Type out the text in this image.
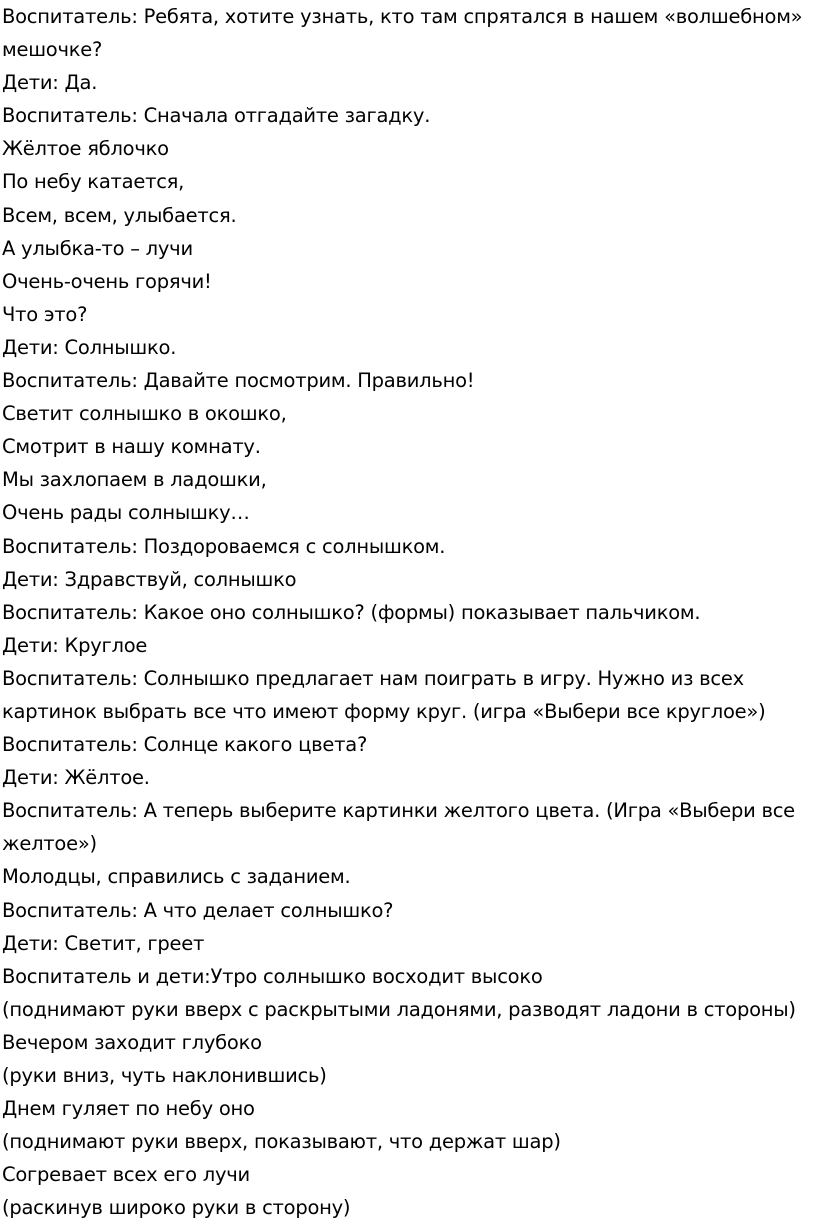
Воспитатель: Ребята, хотите узнать, кто там спрятался в нашем «волшебном»
мешочке?
Дети: Да.
Воспитатель: Сначала отгадайте загадку.
Жёлтое яблочко
По небу катается,
Всем, всем, улыбается.
А улыбка-то – лучи
Очень-очень горячи!
Что это?
Дети: Солнышко.
Воспитатель: Давайте посмотрим. Правильно!
Светит солнышко в окошко,
Смотрит в нашу комнату.
Мы захлопаем в ладошки,
Очень рады солнышку…
Воспитатель: Поздороваемся с солнышком.
Дети: Здравствуй, солнышко
Воспитатель: Какое оно солнышко? (формы) показывает пальчиком.
Дети: Круглое
Воспитатель: Солнышко предлагает нам поиграть в игру. Нужно из всех
картинок выбрать все что имеют форму круг. (игра «Выбери все круглое»)
Воспитатель: Солнце какого цвета?
Дети: Жёлтое.
Воспитатель: А теперь выберите картинки желтого цвета. (Игра «Выбери все
желтое»)
Молодцы, справились с заданием.
Воспитатель: А что делает солнышко?
Дети: Светит, греет
Воспитатель и дети:Утро солнышко восходит высоко
(поднимают руки вверх с раскрытыми ладонями, разводят ладони в стороны)
Вечером заходит глубоко
(руки вниз, чуть наклонившись)
Днем гуляет по небу оно
(поднимают руки вверх, показывают, что держат шар)
Согревает всех его лучи
(раскинув широко руки в сторону)
